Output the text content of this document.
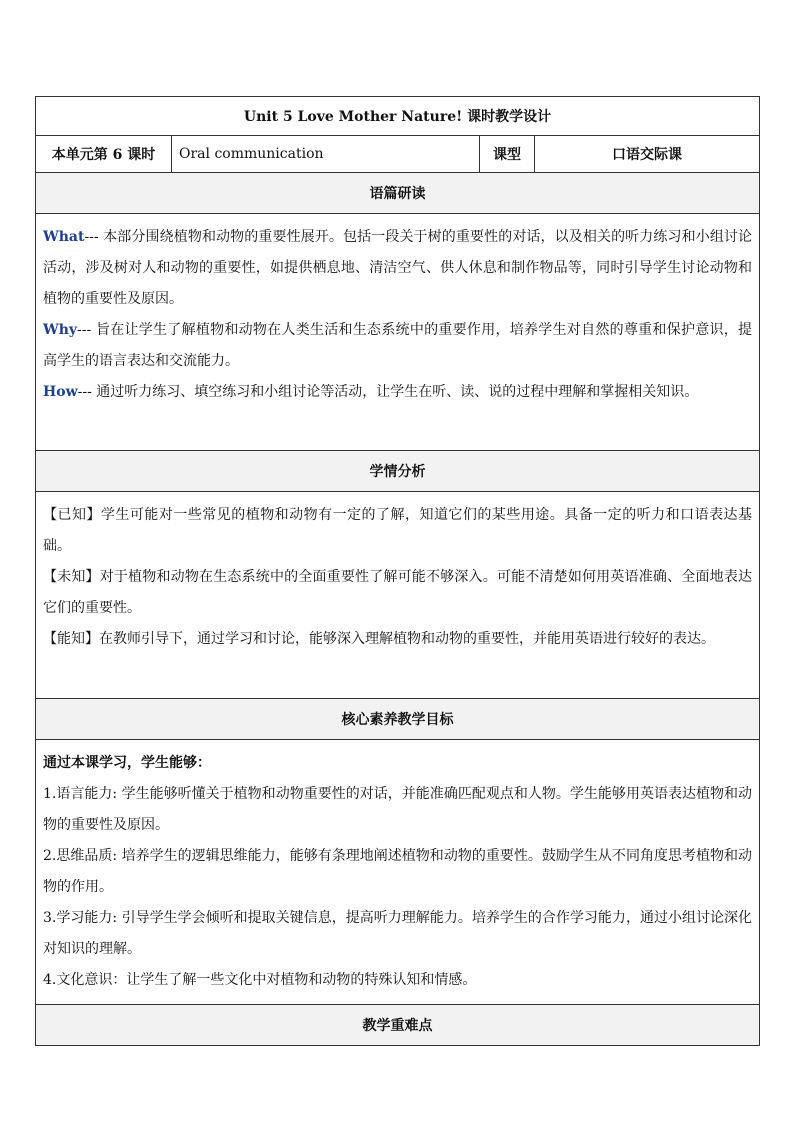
Unit 5 Love Mother Nature! 课时教学设计
本单元第 6 课时	Oral communication	课型	口语交际课
语篇研读

What--- 本部分围绕植物和动物的重要性展开。包括一段关于树的重要性的对话，以及相关的听力练习和小组讨论活动，涉及树对人和动物的重要性，如提供栖息地、清洁空气、供人休息和制作物品等，同时引导学生讨论动物和植物的重要性及原因。

Why--- 旨在让学生了解植物和动物在人类生活和生态系统中的重要作用，培养学生对自然的尊重和保护意识，提高学生的语言表达和交流能力。

How--- 通过听力练习、填空练习和小组讨论等活动，让学生在听、读、说的过程中理解和掌握相关知识。

学情分析

【已知】学生可能对一些常见的植物和动物有一定的了解，知道它们的某些用途。具备一定的听力和口语表达基础。

【未知】对于植物和动物在生态系统中的全面重要性了解可能不够深入。可能不清楚如何用英语准确、全面地表达它们的重要性。

【能知】在教师引导下，通过学习和讨论，能够深入理解植物和动物的重要性，并能用英语进行较好的表达。

核心素养教学目标

通过本课学习，学生能够：

1.语言能力: 学生能够听懂关于植物和动物重要性的对话，并能准确匹配观点和人物。学生能够用英语表达植物和动物的重要性及原因。

2.思维品质: 培养学生的逻辑思维能力，能够有条理地阐述植物和动物的重要性。鼓励学生从不同角度思考植物和动物的作用。

3.学习能力: 引导学生学会倾听和提取关键信息，提高听力理解能力。培养学生的合作学习能力，通过小组讨论深化对知识的理解。

4.文化意识：让学生了解一些文化中对植物和动物的特殊认知和情感。

教学重难点
